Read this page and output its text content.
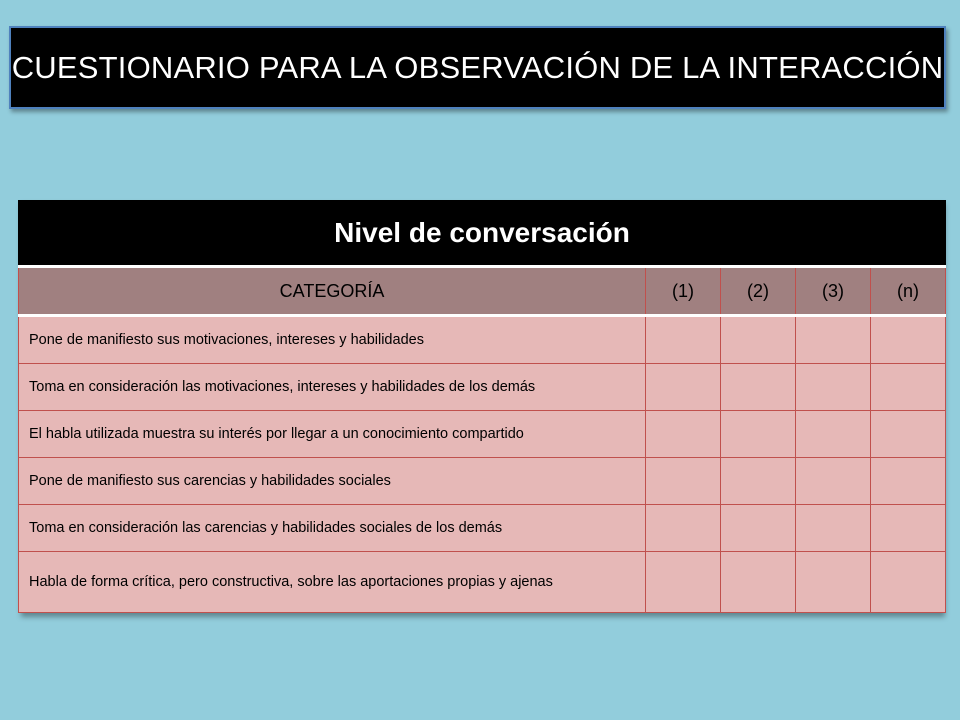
CUESTIONARIO PARA LA OBSERVACIÓN DE LA INTERACCIÓN
Nivel de conversación				
CATEGORÍA	(1)	(2)	(3)	(n)
Pone de manifiesto sus motivaciones, intereses y habilidades				
Toma en consideración las motivaciones, intereses y habilidades de los demás				
El habla utilizada muestra su interés por llegar a un conocimiento compartido				
Pone de manifiesto sus carencias y habilidades sociales				
Toma en consideración las carencias y habilidades sociales de los demás				
Habla de forma crítica, pero constructiva, sobre las aportaciones propias y ajenas				
